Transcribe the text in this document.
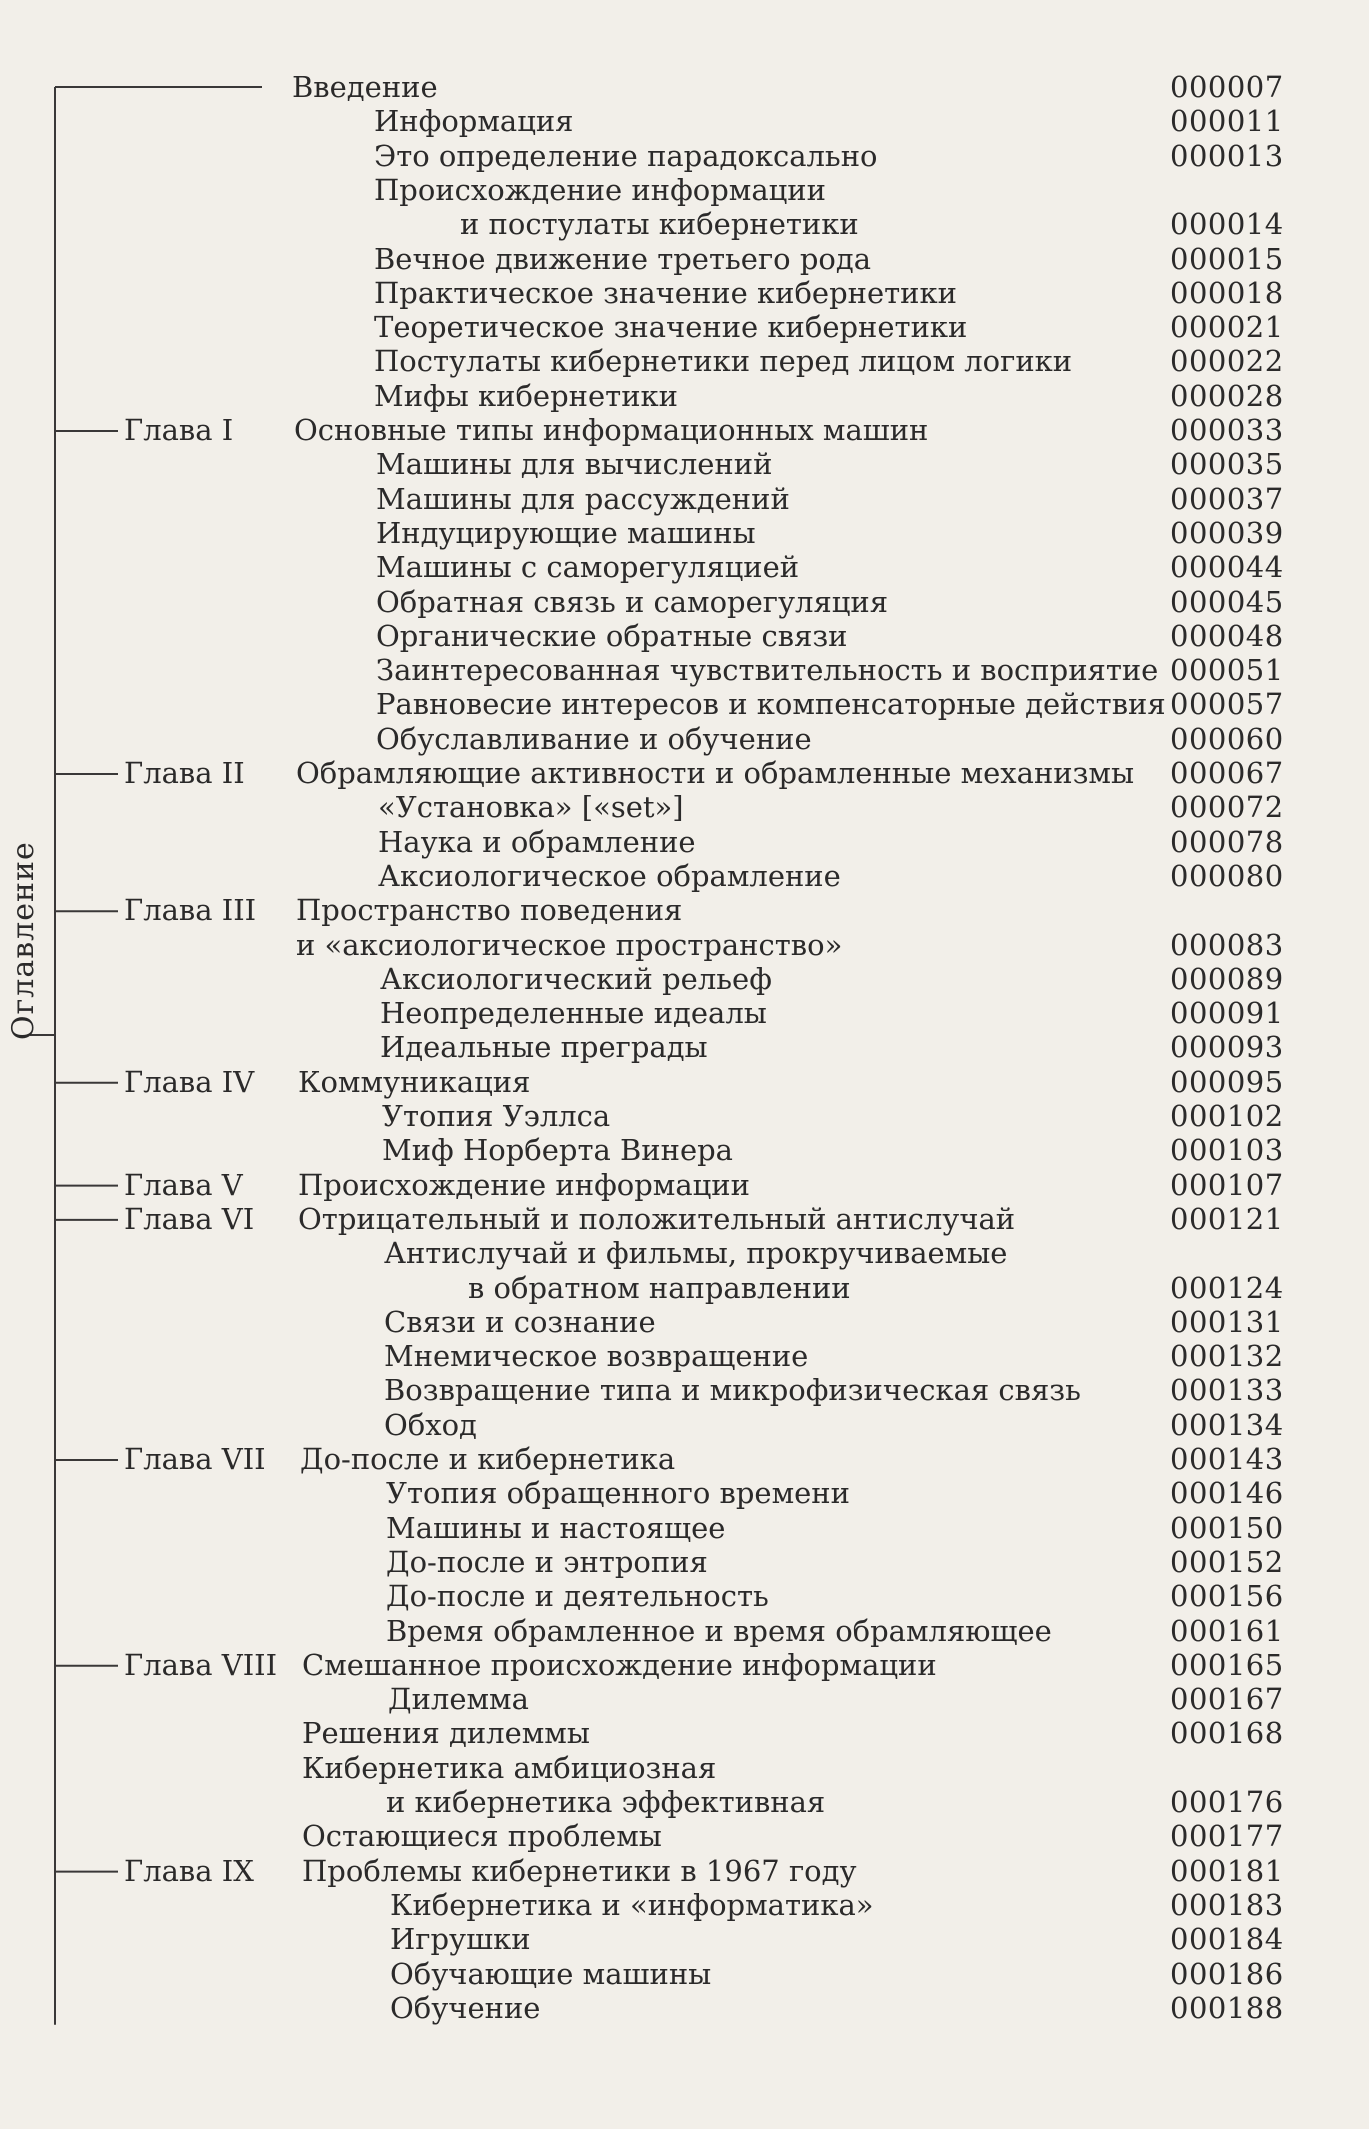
Оглавление
Введение	000007
Информация	000011
Это определение парадоксально	000013
Происхождение информации
и постулаты кибернетики	000014
Вечное движение третьего рода	000015
Практическое значение кибернетики	000018
Теоретическое значение кибернетики	000021
Постулаты кибернетики перед лицом логики	000022
Мифы кибернетики	000028
Глава I Основные типы информационных машин	000033
Машины для вычислений	000035
Машины для рассуждений	000037
Индуцирующие машины	000039
Машины с саморегуляцией	000044
Обратная связь и саморегуляция	000045
Органические обратные связи	000048
Заинтересованная чувствительность и восприятие 000051
Равновесие интересов и компенсаторные действия 000057
Обуславливание и обучение	000060
Глава II Обрамляющие активности и обрамленные механизмы 000067
«Установка» [«set»]	000072
Наука и обрамление	000078
Аксиологическое обрамление	000080
Глава III Пространство поведения
и «аксиологическое пространство»	000083
Аксиологический рельеф	000089
Неопределенные идеалы	000091
Идеальные преграды	000093
Глава IV Коммуникация	000095
Утопия Уэллса	000102
Миф Норберта Винера	000103
Глава V Происхождение информации	000107
Глава VI Отрицательный и положительный антислучай	000121
Антислучай и фильмы, прокручиваемые
в обратном направлении	000124
Связи и сознание	000131
Мнемическое возвращение	000132
Возвращение типа и микрофизическая связь	000133
Обход	000134
Глава VII До-после и кибернетика	000143
Утопия обращенного времени	000146
Машины и настоящее	000150
До-после и энтропия	000152
До-после и деятельность	000156
Время обрамленное и время обрамляющее	000161
Глава VIII Смешанное происхождение информации	000165
Дилемма	000167
Решения дилеммы	000168
Кибернетика амбициозная
и кибернетика эффективная	000176
Остающиеся проблемы	000177
Глава IX Проблемы кибернетики в 1967 году	000181
Кибернетика и «информатика»	000183
Игрушки	000184
Обучающие машины	000186
Обучение	000188
